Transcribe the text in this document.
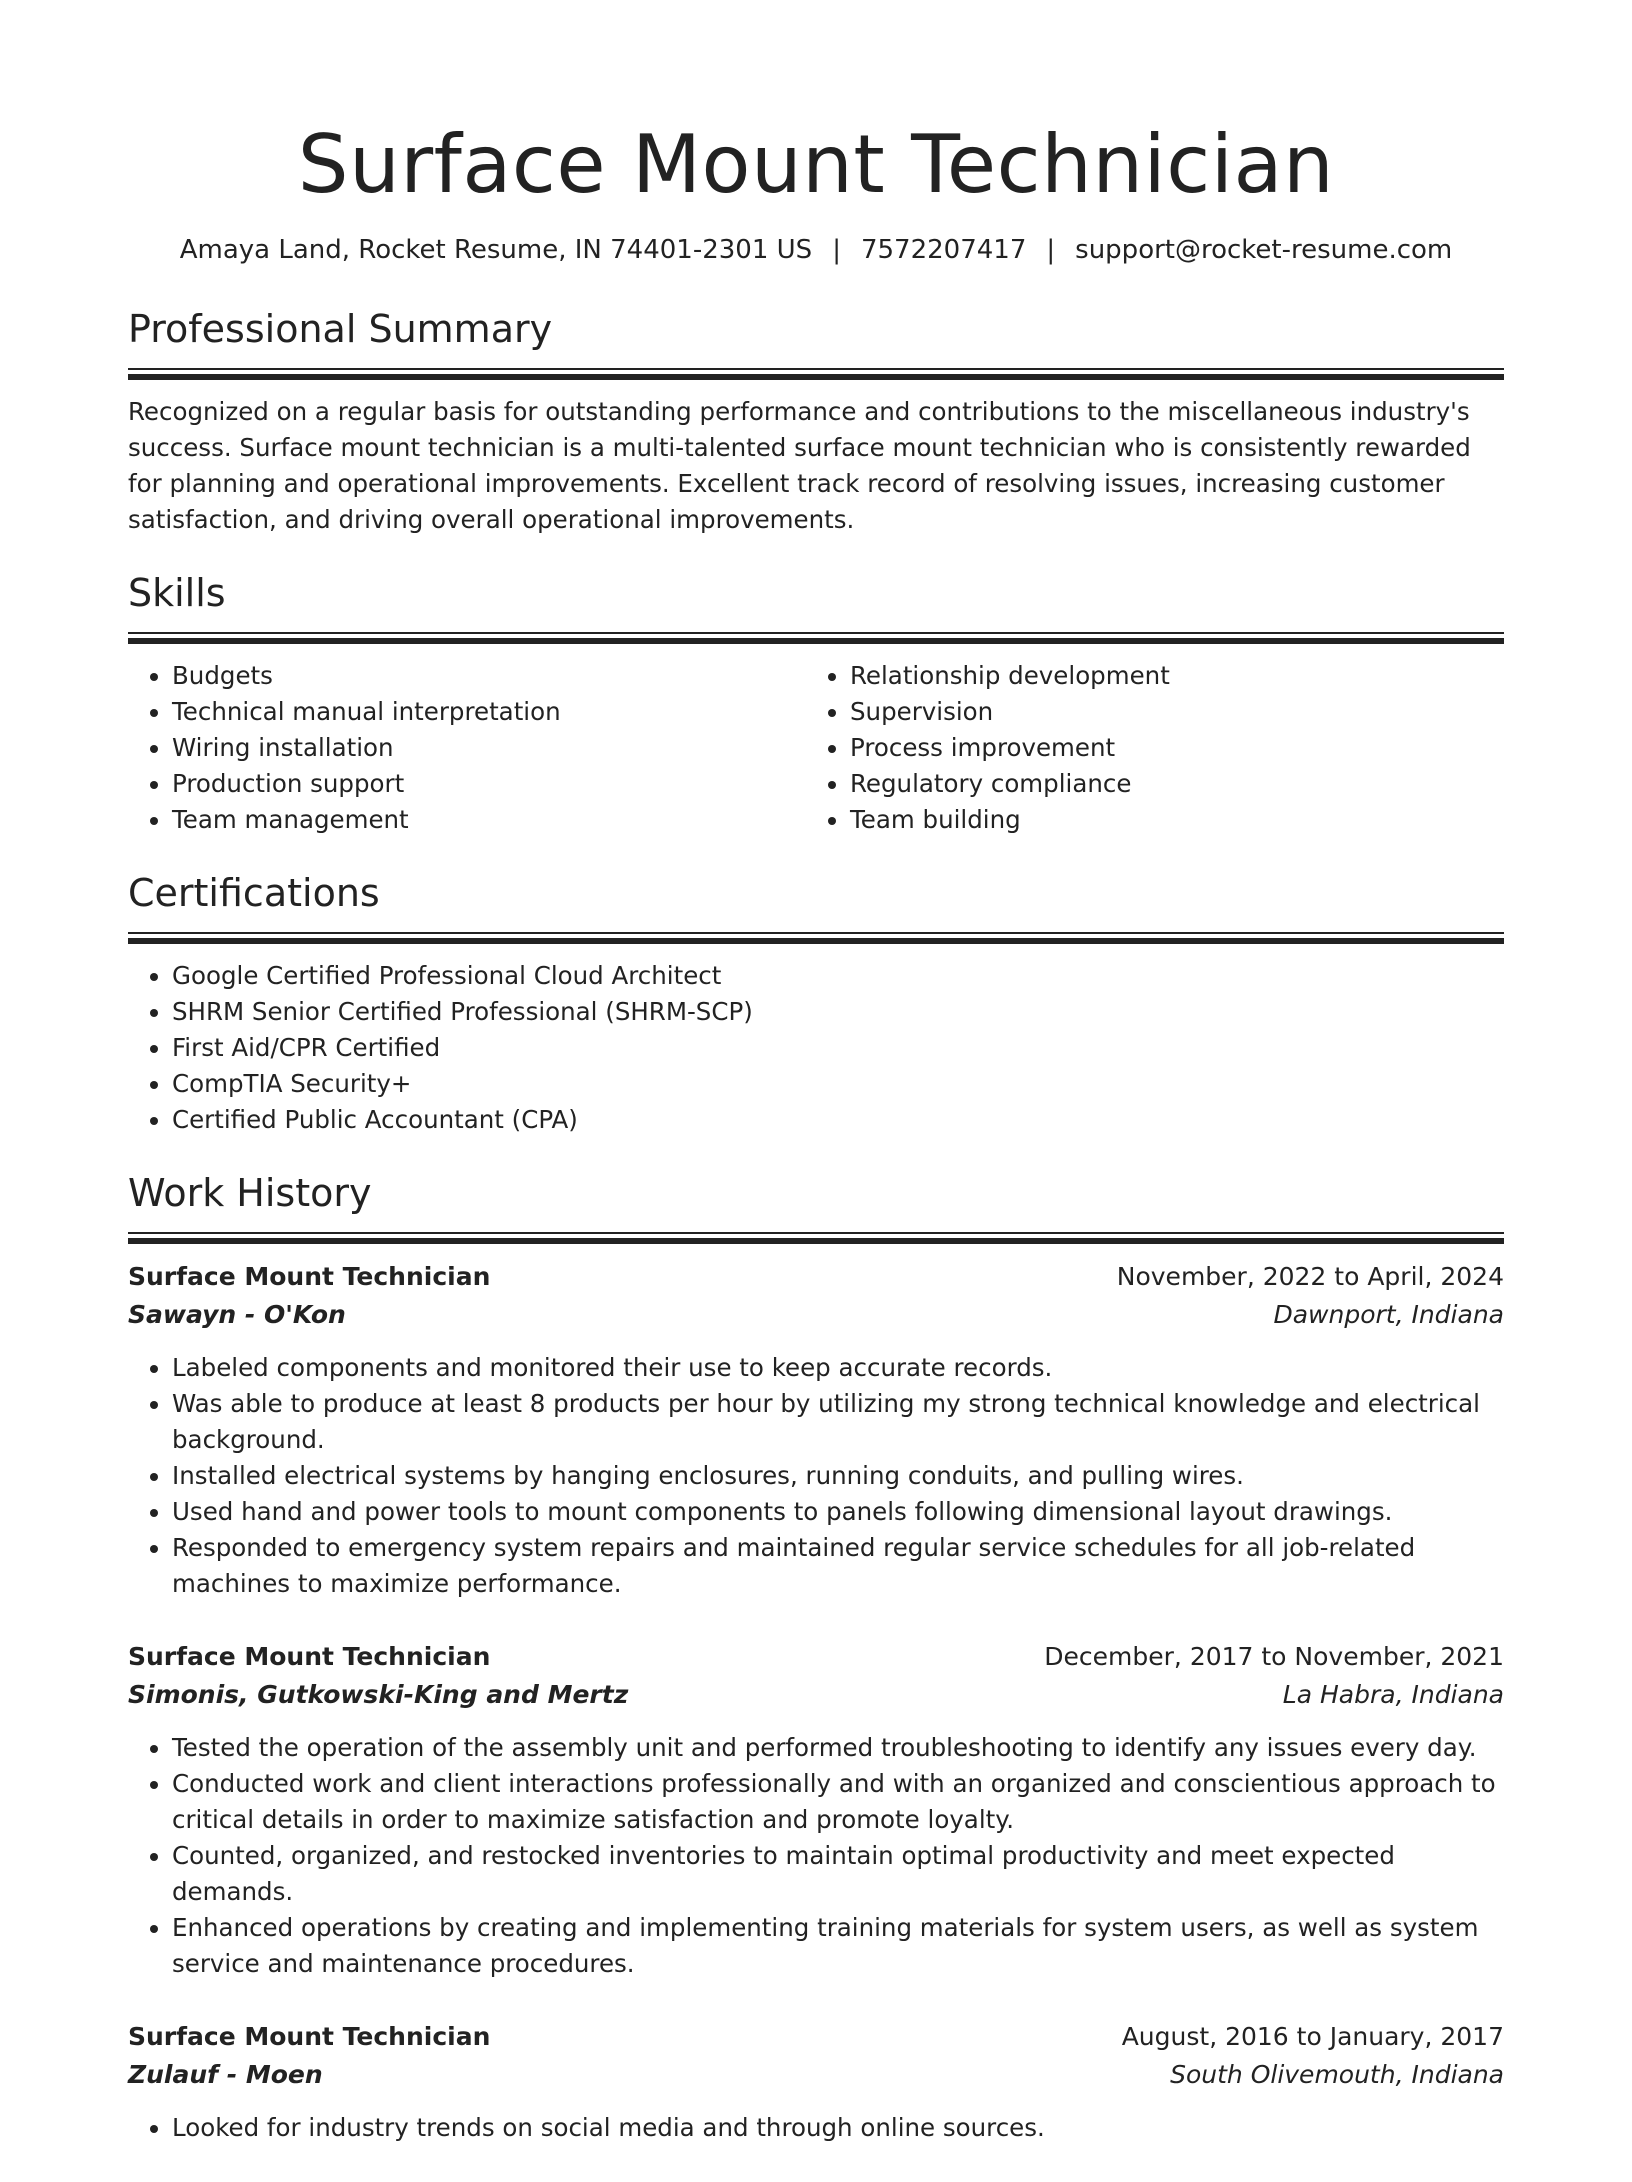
Surface Mount Technician
Amaya Land, Rocket Resume, IN 74401-2301 US | 7572207417 | support@rocket-resume.com
Professional Summary

Recognized on a regular basis for outstanding performance and contributions to the miscellaneous industry's success. Surface mount technician is a multi-talented surface mount technician who is consistently rewarded for planning and operational improvements. Excellent track record of resolving issues, increasing customer satisfaction, and driving overall operational improvements.

Skills
• Budgets
• Technical manual interpretation
• Wiring installation
• Production support
• Team management
• Relationship development
• Supervision
• Process improvement
• Regulatory compliance
• Team building
Certifications
• Google Certified Professional Cloud Architect
• SHRM Senior Certified Professional (SHRM-SCP)
• First Aid/CPR Certified
• CompTIA Security+
• Certified Public Accountant (CPA)
Work History
Surface Mount Technician	November, 2022 to April, 2024
Sawayn - O'Kon	Dawnport, Indiana
• Labeled components and monitored their use to keep accurate records.
• Was able to produce at least 8 products per hour by utilizing my strong technical knowledge and electrical background.
• Installed electrical systems by hanging enclosures, running conduits, and pulling wires.
• Used hand and power tools to mount components to panels following dimensional layout drawings.
• Responded to emergency system repairs and maintained regular service schedules for all job-related machines to maximize performance.
Surface Mount Technician	December, 2017 to November, 2021
Simonis, Gutkowski-King and Mertz	La Habra, Indiana
• Tested the operation of the assembly unit and performed troubleshooting to identify any issues every day.
• Conducted work and client interactions professionally and with an organized and conscientious approach to critical details in order to maximize satisfaction and promote loyalty.
• Counted, organized, and restocked inventories to maintain optimal productivity and meet expected demands.
• Enhanced operations by creating and implementing training materials for system users, as well as system service and maintenance procedures.
Surface Mount Technician	August, 2016 to January, 2017
Zulauf - Moen	South Olivemouth, Indiana
• Looked for industry trends on social media and through online sources.
